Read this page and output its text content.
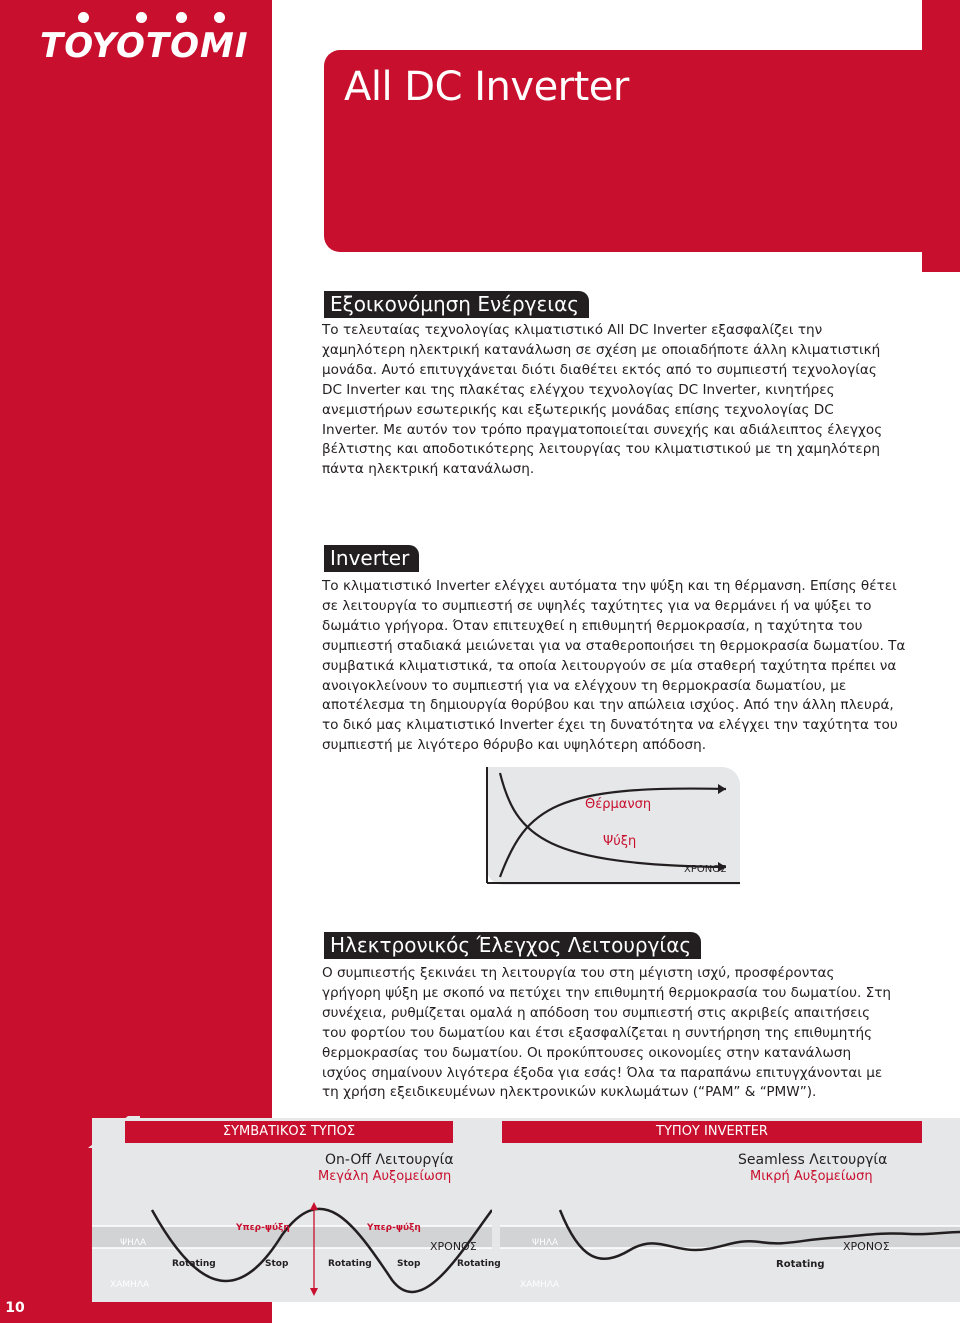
TOYOTOMI
All DC Inverter
Εξοικονόμηση Ενέργειας

Το τελευταίας τεχνολογίας κλιματιστικό All DC Inverter εξασφαλίζει την χαμηλότερη ηλεκτρική κατανάλωση σε σχέση με οποιαδήποτε άλλη κλιματιστική μονάδα. Αυτό επιτυγχάνεται διότι διαθέτει εκτός από το συμπιεστή τεχνολογίας DC Inverter και της πλακέτας ελέγχου τεχνολογίας DC Inverter, κινητήρες ανεμιστήρων εσωτερικής και εξωτερικής μονάδας επίσης τεχνολογίας DC Inverter. Με αυτόν τον τρόπο πραγματοποιείται συνεχής και αδιάλειπτος έλεγχος βέλτιστης και αποδοτικότερης λειτουργίας του κλιματιστικού με τη χαμηλότερη πάντα ηλεκτρική κατανάλωση.

Inverter

Το κλιματιστικό Inverter ελέγχει αυτόματα την ψύξη και τη θέρμανση. Επίσης θέτει σε λειτουργία το συμπιεστή σε υψηλές ταχύτητες για να θερμάνει ή να ψύξει το δωμάτιο γρήγορα. Όταν επιτευχθεί η επιθυμητή θερμοκρασία, η ταχύτητα του συμπιεστή σταδιακά μειώνεται για να σταθεροποιήσει τη θερμοκρασία δωματίου. Τα συμβατικά κλιματιστικά, τα οποία λειτουργούν σε μία σταθερή ταχύτητα πρέπει να ανοιγοκλείνουν το συμπιεστή για να ελέγχουν τη θερμοκρασία δωματίου, με αποτέλεσμα τη δημιουργία θορύβου και την απώλεια ισχύος. Από την άλλη πλευρά, το δικό μας κλιματιστικό Inverter έχει τη δυνατότητα να ελέγχει την ταχύτητα του συμπιεστή με λιγότερο θόρυβο και υψηλότερη απόδοση.

Θέρμανση
Ψύξη
ΧΡΟΝΟΣ
Ηλεκτρονικός Έλεγχος Λειτουργίας

Ο συμπιεστής ξεκινάει τη λειτουργία του στη μέγιστη ισχύ, προσφέροντας γρήγορη ψύξη με σκοπό να πετύχει την επιθυμητή θερμοκρασία του δωματίου. Στη συνέχεια, ρυθμίζεται ομαλά η απόδοση του συμπιεστή στις ακριβείς απαιτήσεις του φορτίου του δωματίου και έτσι εξασφαλίζεται η συντήρηση της επιθυμητής θερμοκρασίας του δωματίου. Οι προκύπτουσες οικονομίες στην κατανάλωση ισχύος σημαίνουν λιγότερα έξοδα για εσάς! Όλα τα παραπάνω επιτυγχάνονται με τη χρήση εξειδικευμένων ηλεκτρονικών κυκλωμάτων (“PAM” & “PMW”).

ΣΥΜΒΑΤΙΚΟΣ ΤΥΠΟΣ
On-Off Λειτουργία
Μεγάλη Αυξομείωση
ΨΗΛΑ
ΧΑΜΗΛΑ
ΧΡΟΝΟΣ
Υπερ-ψύξη	Υπερ-ψύξη
Rotating	Stop	Rotating	Stop	Rotating
ΤΥΠΟΥ INVERTER
Seamless Λειτουργία
Μικρή Αυξομείωση
ΨΗΛΑ
ΧΑΜΗΛΑ
ΧΡΟΝΟΣ
Rotating
10
